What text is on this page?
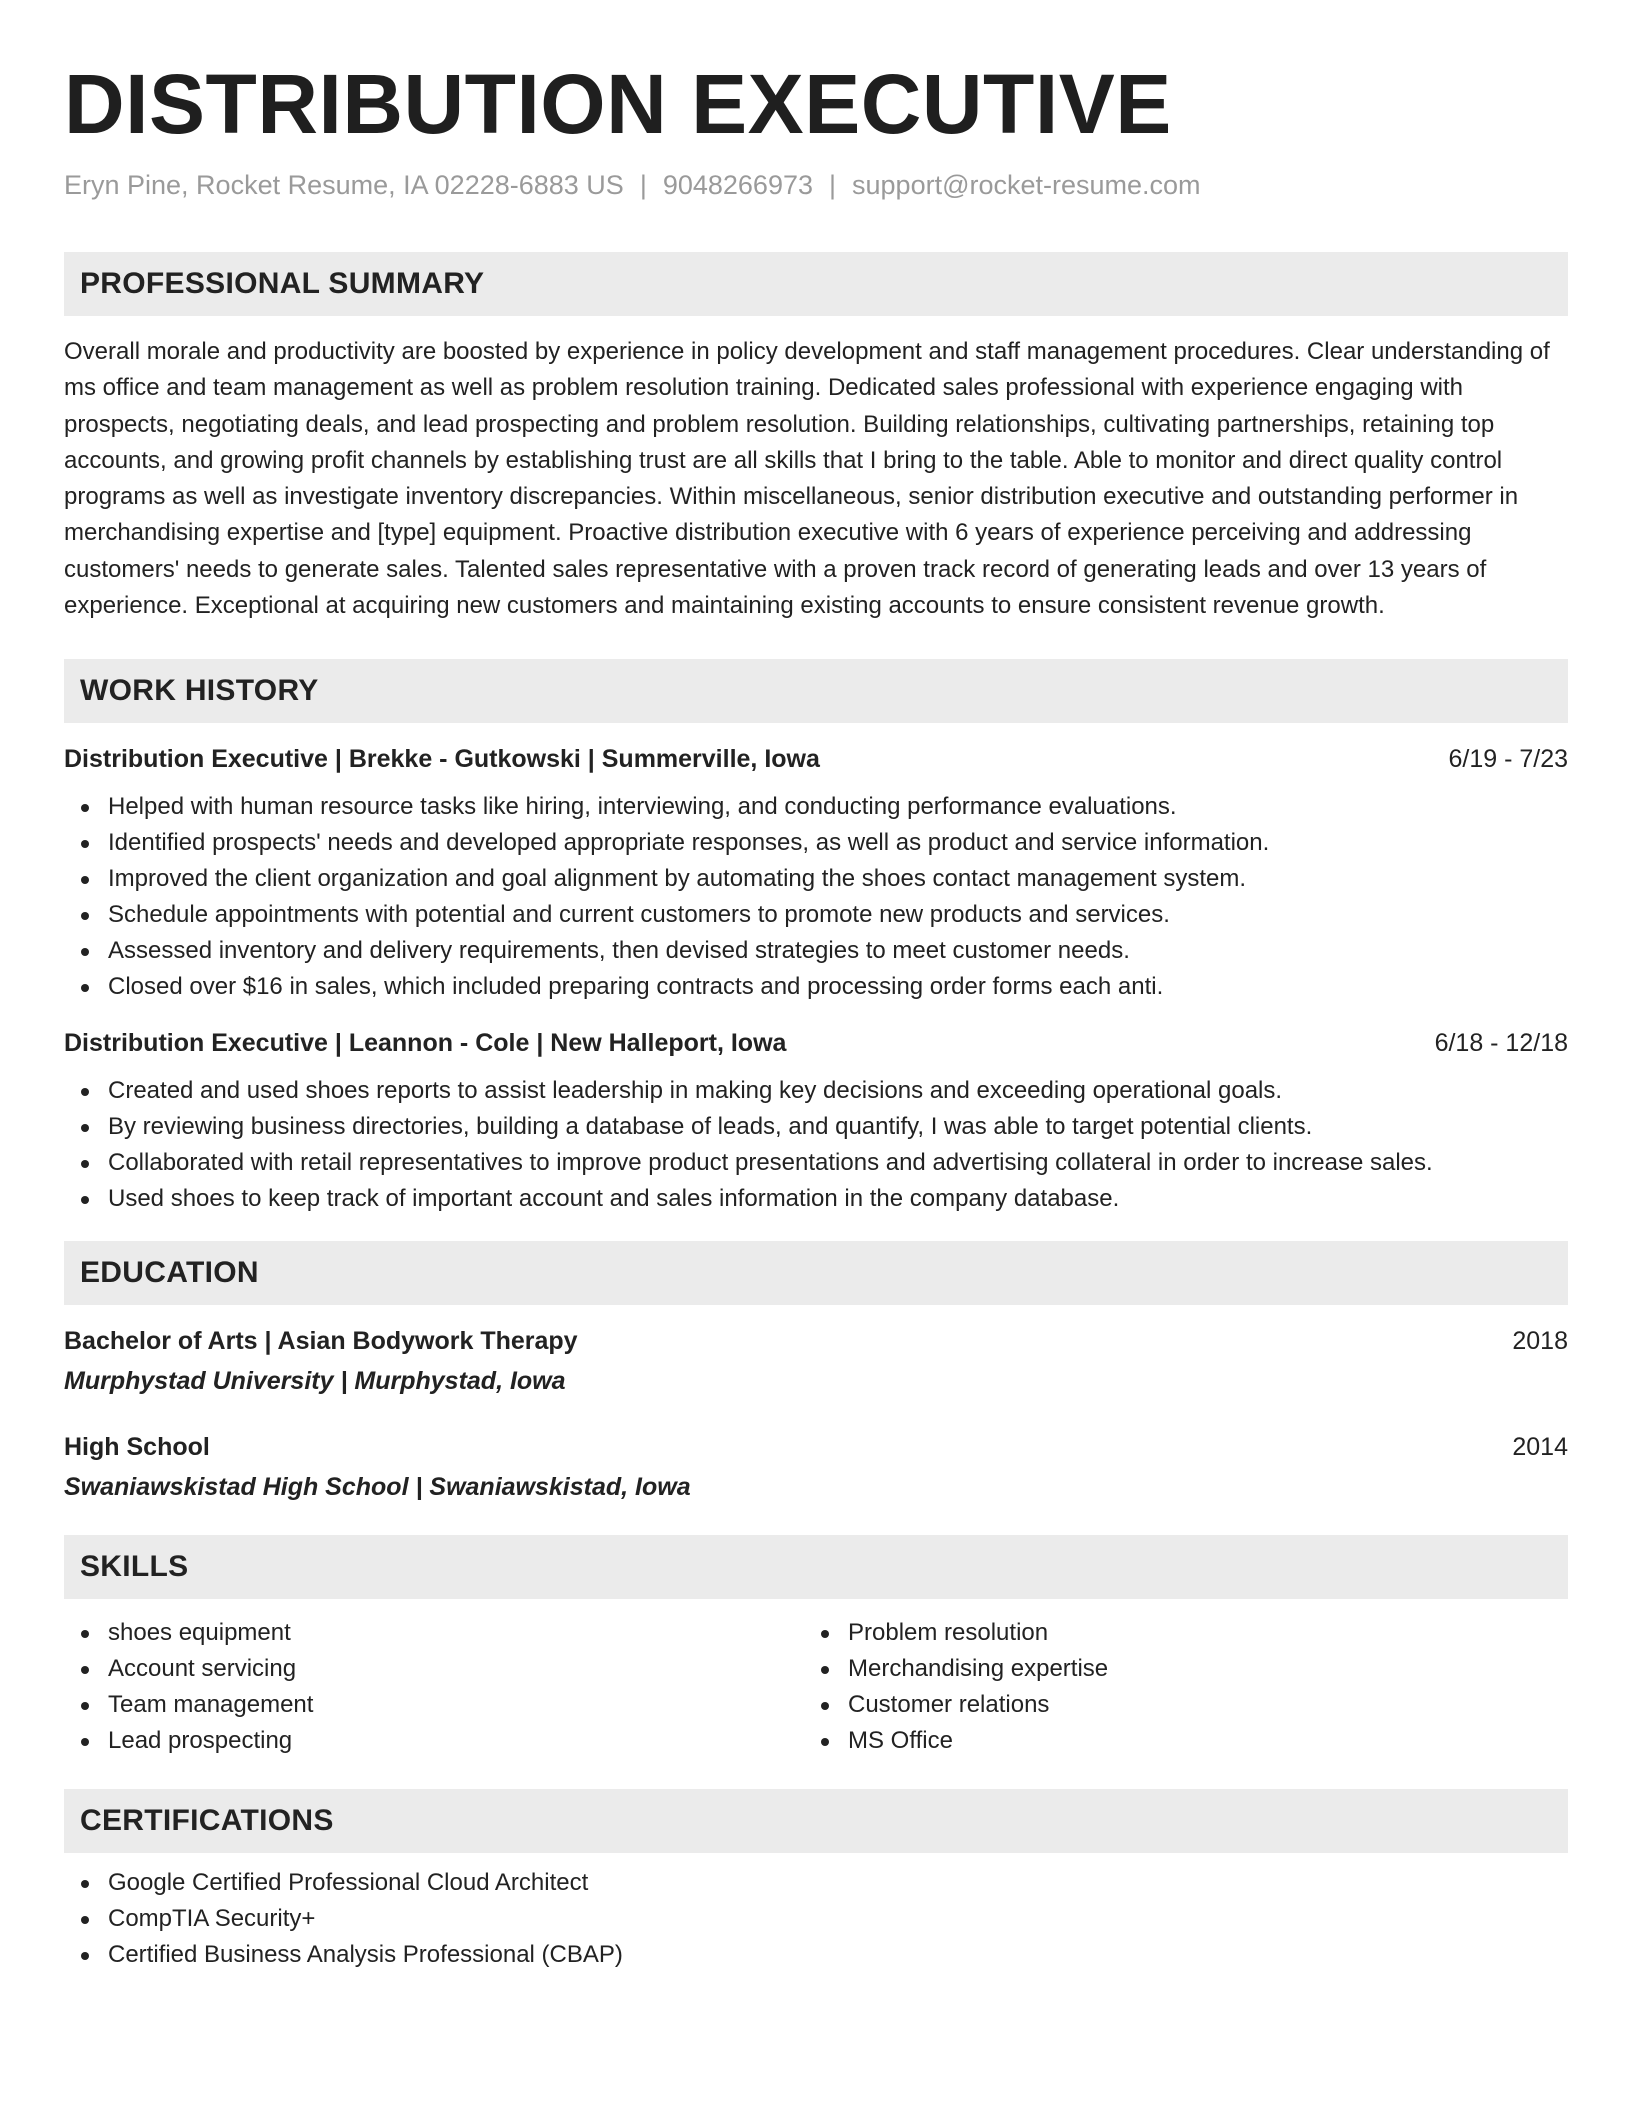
DISTRIBUTION EXECUTIVE
Eryn Pine, Rocket Resume, IA 02228-6883 US | 9048266973 | support@rocket-resume.com
PROFESSIONAL SUMMARY
Overall morale and productivity are boosted by experience in policy development and staff management procedures. Clear understanding of ms office and team management as well as problem resolution training. Dedicated sales professional with experience engaging with prospects, negotiating deals, and lead prospecting and problem resolution. Building relationships, cultivating partnerships, retaining top accounts, and growing profit channels by establishing trust are all skills that I bring to the table. Able to monitor and direct quality control programs as well as investigate inventory discrepancies. Within miscellaneous, senior distribution executive and outstanding performer in merchandising expertise and [type] equipment. Proactive distribution executive with 6 years of experience perceiving and addressing customers' needs to generate sales. Talented sales representative with a proven track record of generating leads and over 13 years of experience. Exceptional at acquiring new customers and maintaining existing accounts to ensure consistent revenue growth.
WORK HISTORY
Distribution Executive | Brekke - Gutkowski | Summerville, Iowa	6/19 - 7/23
Helped with human resource tasks like hiring, interviewing, and conducting performance evaluations.
Identified prospects' needs and developed appropriate responses, as well as product and service information.
Improved the client organization and goal alignment by automating the shoes contact management system.
Schedule appointments with potential and current customers to promote new products and services.
Assessed inventory and delivery requirements, then devised strategies to meet customer needs.
Closed over $16 in sales, which included preparing contracts and processing order forms each anti.
Distribution Executive | Leannon - Cole | New Halleport, Iowa	6/18 - 12/18
Created and used shoes reports to assist leadership in making key decisions and exceeding operational goals.
By reviewing business directories, building a database of leads, and quantify, I was able to target potential clients.
Collaborated with retail representatives to improve product presentations and advertising collateral in order to increase sales.
Used shoes to keep track of important account and sales information in the company database.
EDUCATION
Bachelor of Arts | Asian Bodywork Therapy	2018
Murphystad University | Murphystad, Iowa
High School	2014
Swaniawskistad High School | Swaniawskistad, Iowa
SKILLS
shoes equipment
Account servicing
Team management
Lead prospecting
Problem resolution
Merchandising expertise
Customer relations
MS Office
CERTIFICATIONS
Google Certified Professional Cloud Architect
CompTIA Security+
Certified Business Analysis Professional (CBAP)
